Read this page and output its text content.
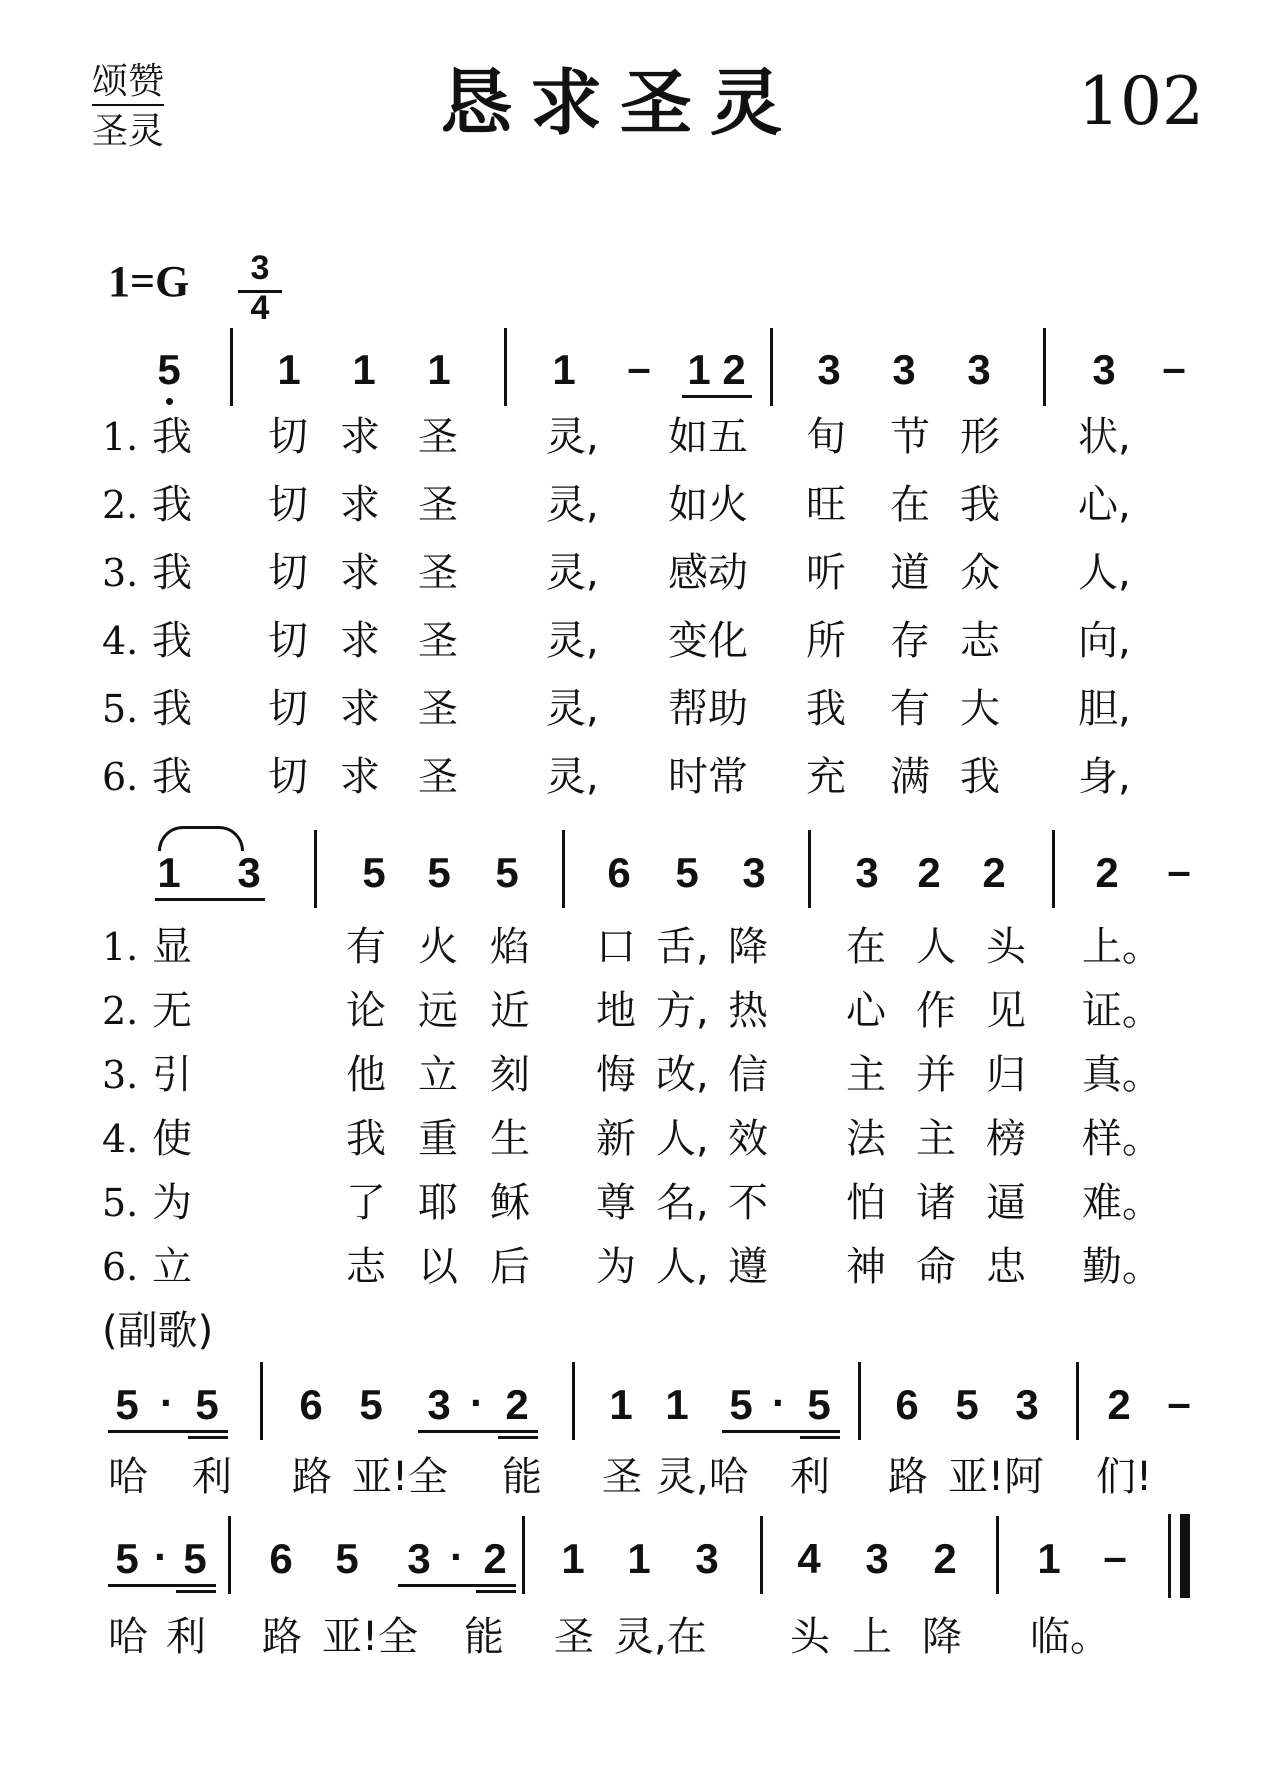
颂赞
圣灵	恳求圣灵	102
1=G	3
4
5 1 1 1 1 – 1 2 3 3 3 3 –
1. 我 切 求 圣 灵, 如五 旬 节 形 状,
2. 我 切 求 圣 灵, 如火 旺 在 我 心,
3. 我 切 求 圣 灵, 感动 听 道 众 人,
4. 我 切 求 圣 灵, 变化 所 存 志 向,
5. 我 切 求 圣 灵, 帮助 我 有 大 胆,
6. 我 切 求 圣 灵, 时常 充 满 我 身,
1 3 5 5 5 6 5 3 3 2 2 2 –
1. 显	有 火 焰 口 舌, 降 在 人 头 上。
2. 无	论 远 近 地 方, 热 心 作 见 证。
3. 引	他 立 刻 悔 改, 信 主 并 归 真。
4. 使	我 重 生 新 人, 效 法 主 榜 样。
5. 为	了 耶 稣 尊 名, 不 怕 诸 逼 难。
6. 立	志 以 后 为 人, 遵 神 命 忠 勤。
(副歌)
5 · 5 6 5 3 · 2 1 1 5 · 5 6 5 3 2 –
哈 利 路 亚!全 能 圣 灵,哈 利 路 亚!阿 们!
5 · 5 6 5 3 · 2 1 1 3 4 3 2 1 –
哈 利 路 亚!全 能 圣 灵,在 头 上 降 临。
